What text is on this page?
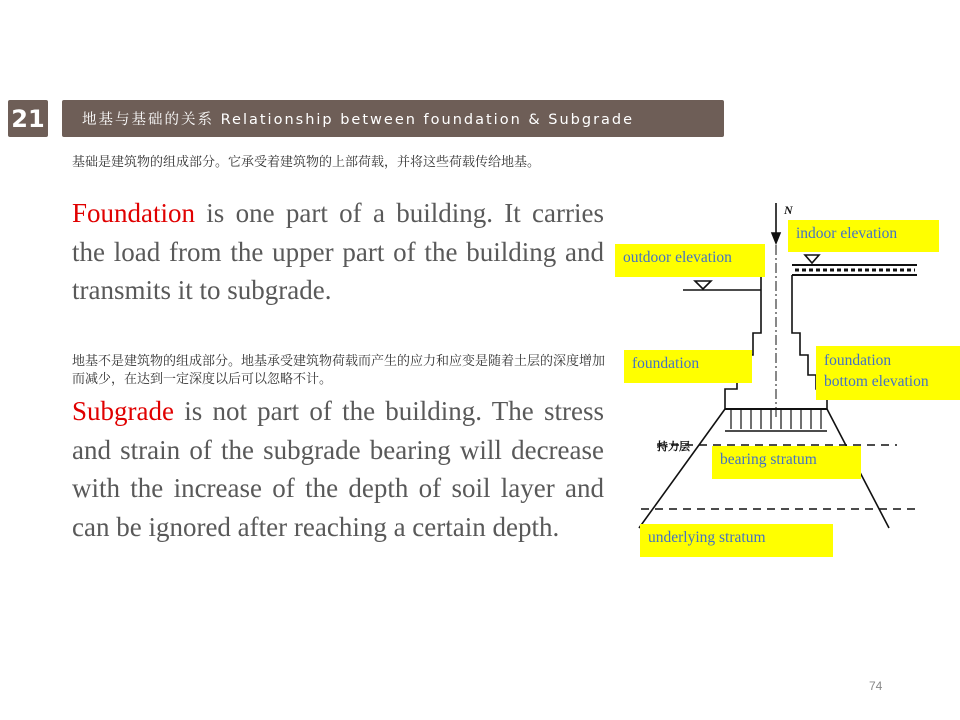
21	地基与基础的关系 Relationship between foundation & Subgrade
基础是建筑物的组成部分。它承受着建筑物的上部荷载，并将这些荷载传给地基。
Foundation is one part of a building. It carries the load from the upper part of the building and transmits it to subgrade.
地基不是建筑物的组成部分。地基承受建筑物荷载而产生的应力和应变是随着土层的深度增加而减少，在达到一定深度以后可以忽略不计。
Subgrade is not part of the building. The stress and strain of the subgrade bearing will decrease with the increase of the depth of soil layer and can be ignored after reaching a certain depth.
N
持力层
indoor elevation
outdoor elevation
foundation	foundation
bottom elevation
bearing stratum
underlying stratum
74
